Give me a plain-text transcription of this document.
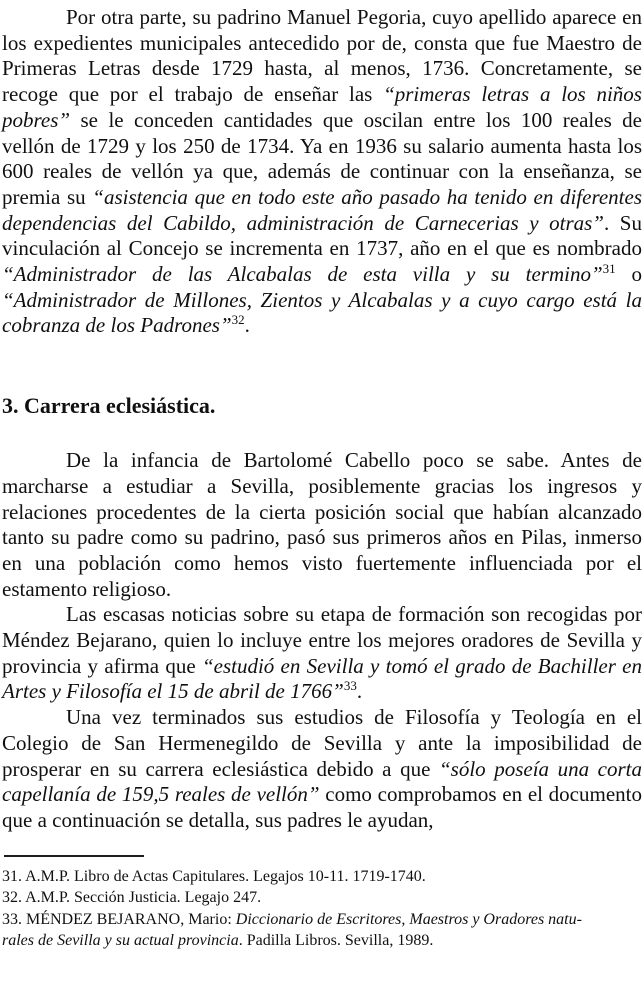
Por otra parte, su padrino Manuel Pegoria, cuyo apellido aparece en los expedientes municipales antecedido por de, consta que fue Maestro de Primeras Letras desde 1729 hasta, al menos, 1736. Concretamente, se recoge que por el trabajo de enseñar las “primeras letras a los niños pobres” se le conceden cantidades que oscilan entre los 100 reales de vellón de 1729 y los 250 de 1734. Ya en 1936 su salario aumenta hasta los 600 reales de vellón ya que, además de continuar con la enseñanza, se premia su “asistencia que en todo este año pasado ha tenido en diferentes dependencias del Cabildo, administración de Carnecerias y otras”. Su vinculación al Concejo se incrementa en 1737, año en el que es nombrado “Administrador de las Alcabalas de esta villa y su termino”$^{31}$ o “Administrador de Millones, Zientos y Alcabalas y a cuyo cargo está la cobranza de los Padrones”$^{32}$.

3. Carrera eclesiástica.

De la infancia de Bartolomé Cabello poco se sabe. Antes de marcharse a estudiar a Sevilla, posiblemente gracias los ingresos y relaciones procedentes de la cierta posición social que habían alcanzado tanto su padre como su padrino, pasó sus primeros años en Pilas, inmerso en una población como hemos visto fuertemente influenciada por el estamento religioso.

Las escasas noticias sobre su etapa de formación son recogidas por Méndez Bejarano, quien lo incluye entre los mejores oradores de Sevilla y provincia y afirma que “estudió en Sevilla y tomó el grado de Bachiller en Artes y Filosofía el 15 de abril de 1766”$^{33}$.

Una vez terminados sus estudios de Filosofía y Teología en el Colegio de San Hermenegildo de Sevilla y ante la imposibilidad de prosperar en su carrera eclesiástica debido a que “sólo poseía una corta capellanía de 159,5 reales de vellón” como comprobamos en el documento que a continuación se detalla, sus padres le ayudan,

31. A.M.P. Libro de Actas Capitulares. Legajos 10-11. 1719-1740.

32. A.M.P. Sección Justicia. Legajo 247.

33. MÉNDEZ BEJARANO, Mario: Diccionario de Escritores, Maestros y Oradores natu-
rales de Sevilla y su actual provincia. Padilla Libros. Sevilla, 1989.
